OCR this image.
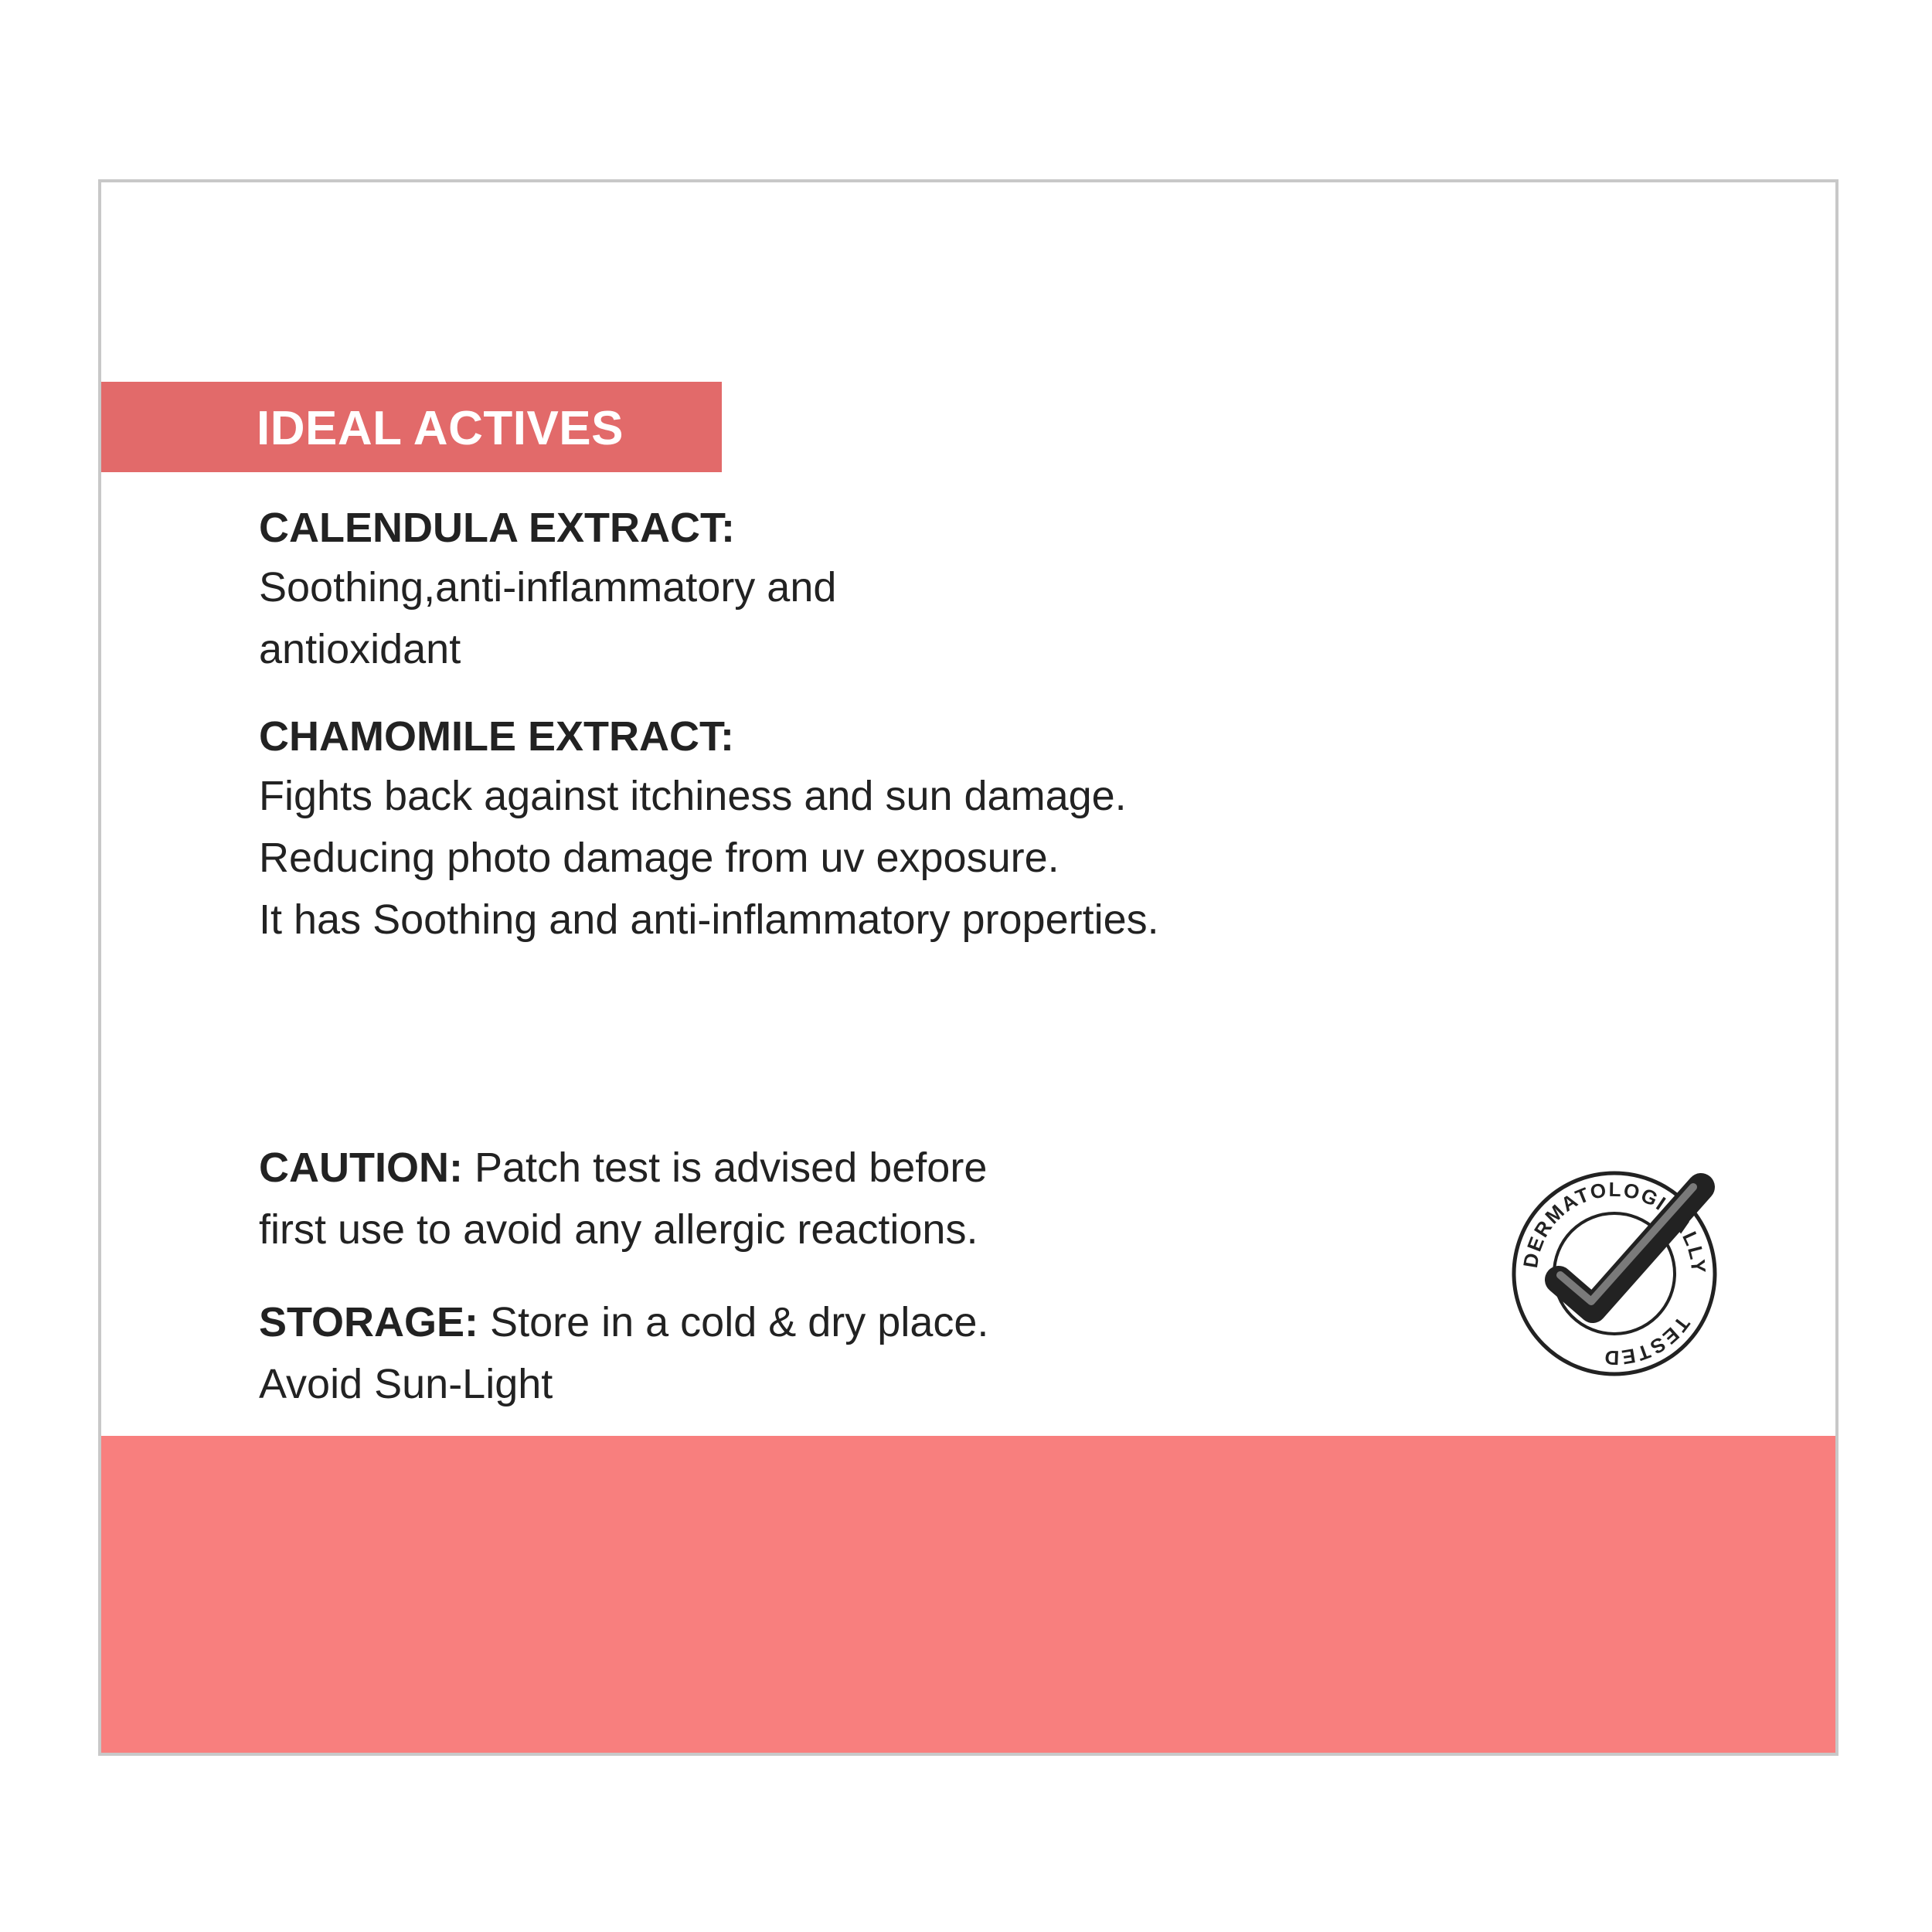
IDEAL ACTIVES
CALENDULA EXTRACT:
Soothing,anti-inflammatory and
antioxidant
CHAMOMILE EXTRACT:
Fights back against itchiness and sun damage.
Reducing photo damage from uv exposure.
It has Soothing and anti-inflammatory properties.
CAUTION: Patch test is advised before
first use to avoid any allergic reactions.
STORAGE: Store in a cold & dry place.
Avoid Sun-Light
DERMATOLOGICALLY
TESTED
